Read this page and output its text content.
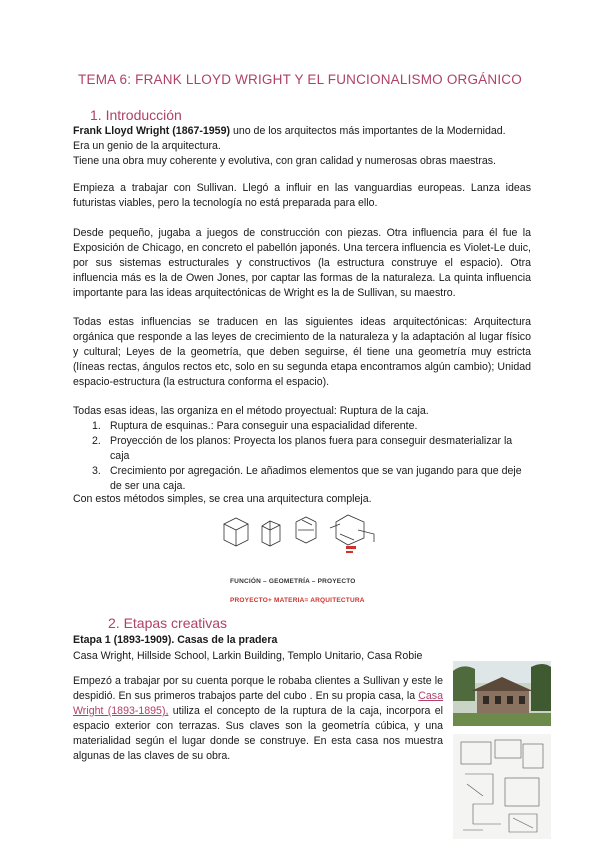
TEMA 6: FRANK LLOYD WRIGHT Y EL FUNCIONALISMO ORGÁNICO
1. Introducción
Frank Lloyd Wright (1867-1959) uno de los arquitectos más importantes de la Modernidad.
Era un genio de la arquitectura.
Tiene una obra muy coherente y evolutiva, con gran calidad y numerosas obras maestras.
Empieza a trabajar con Sullivan. Llegó a influir en las vanguardias europeas. Lanza ideas futuristas viables, pero la tecnología no está preparada para ello.
Desde pequeño, jugaba a juegos de construcción con piezas. Otra influencia para él fue la Exposición de Chicago, en concreto el pabellón japonés. Una tercera influencia es Violet-Le duic, por sus sistemas estructurales y constructivos (la estructura construye el espacio). Otra influencia más es la de Owen Jones, por captar las formas de la naturaleza. La quinta influencia importante para las ideas arquitectónicas de Wright es la de Sullivan, su maestro.
Todas estas influencias se traducen en las siguientes ideas arquitectónicas: Arquitectura orgánica que responde a las leyes de crecimiento de la naturaleza y la adaptación al lugar físico y cultural; Leyes de la geometría, que deben seguirse, él tiene una geometría muy estricta (líneas rectas, ángulos rectos etc, solo en su segunda etapa encontramos algún cambio); Unidad espacio-estructura (la estructura conforma el espacio).
Todas esas ideas, las organiza en el método proyectual: Ruptura de la caja.
1. Ruptura de esquinas.: Para conseguir una espacialidad diferente.
2. Proyección de los planos: Proyecta los planos fuera para conseguir desmaterializar la caja
3. Crecimiento por agregación. Le añadimos elementos que se van jugando para que deje de ser una caja.
Con estos métodos simples, se crea una arquitectura compleja.
FUNCIÓN – GEOMETRÍA – PROYECTO
PROYECTO+ MATERIA= ARQUITECTURA
2. Etapas creativas
Etapa 1 (1893-1909). Casas de la pradera
Casa Wright, Hillside School, Larkin Building, Templo Unitario, Casa Robie
Empezó a trabajar por su cuenta porque le robaba clientes a Sullivan y este le despidió. En sus primeros trabajos parte del cubo . En su propia casa, la Casa Wright (1893-1895), utiliza el concepto de la ruptura de la caja, incorpora el espacio exterior con terrazas. Sus claves son la geometría cúbica, y una materialidad según el lugar donde se construye. En esta casa nos muestra algunas de las claves de su obra.
